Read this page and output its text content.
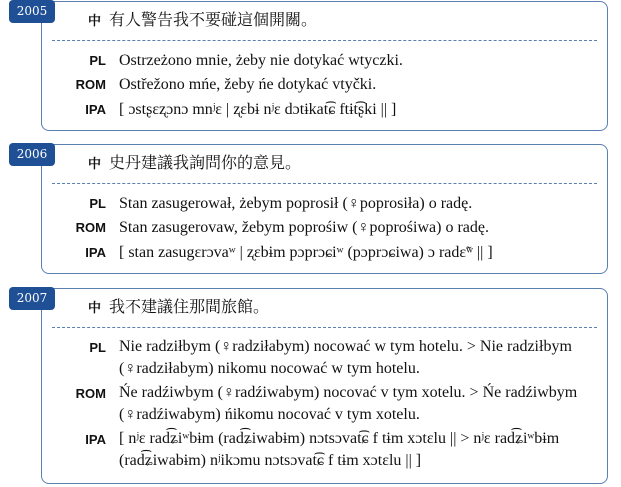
中 有人警告我不要碰這個開關。
PL Ostrzeżono mnie, żeby nie dotykać wtyczki.
ROM Ostřežono mńe, žeby ńe dotykać vtyčki.
IPA [ ɔstʂɛʐɔnɔ mnʲɛ | ʐɛbɨ nʲɛ dɔtɨkat͡ɕ ftɨt͡ʂki || ]
2005
中 史丹建議我詢問你的意見。
PL Stan zasugerował, żebym poprosił (♀poprosiła) o radę.
ROM Stan zasugerovaw, žebym poprośiw (♀poprośiwa) o radę.
IPA [ stan zasugɛrɔvaʷ | ʐɛbɨm pɔprɔɕiʷ (pɔprɔɕiwa) ɔ radɛ̃ʷ || ]
2006
中 我不建議住那間旅館。
PL Nie radziłbym (♀radziłabym) nocować w tym hotelu. > Nie radziłbym (♀radziłabym) nikomu nocować w tym hotelu.
ROM Ńe radźiwbym (♀radźiwabym) nocovać v tym xotelu. > Ńe radźiwbym (♀radźiwabym) ńikomu nocovać v tym xotelu.
IPA [ nʲɛ rad͡ʑiʷbɨm (rad͡ʑiwabɨm) nɔtsɔvat͡ɕ f tɨm xɔtɛlu || > nʲɛ rad͡ʑiʷbɨm (rad͡ʑiwabɨm) nʲikɔmu nɔtsɔvat͡ɕ f tɨm xɔtɛlu || ]
2007
